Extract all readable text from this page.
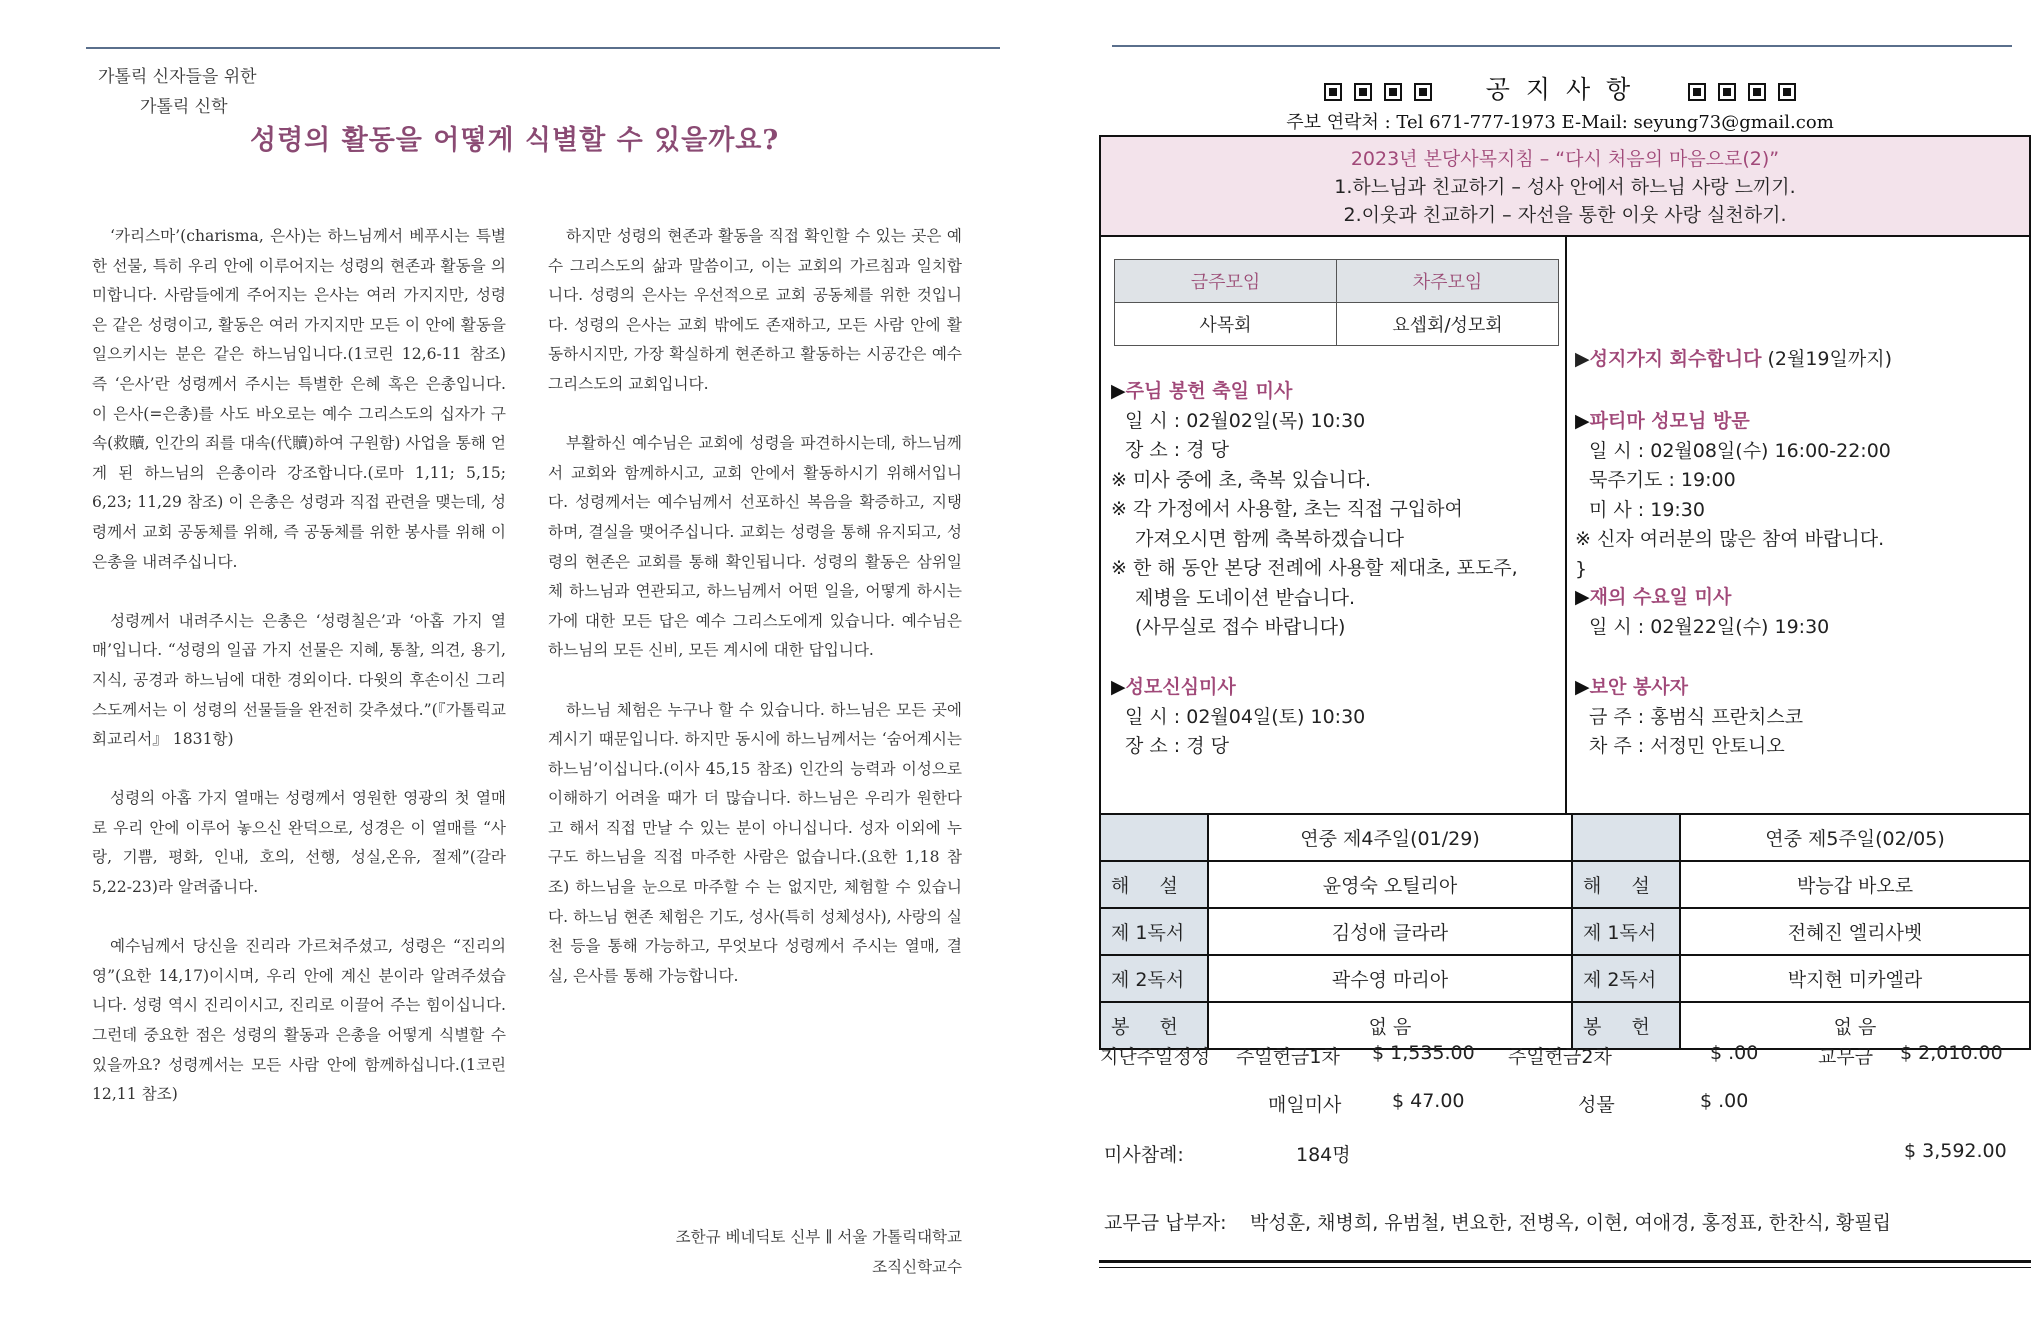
가톨릭 신자들을 위한
가톨릭 신학
성령의 활동을 어떻게 식별할 수 있을까요?

‘카리스마’(charisma, 은사)는 하느님께서 베푸시는 특별한 선물, 특히 우리 안에 이루어지는 성령의 현존과 활동을 의미합니다. 사람들에게 주어지는 은사는 여러 가지지만, 성령은 같은 성령이고, 활동은 여러 가지지만 모든 이 안에 활동을 일으키시는 분은 같은 하느님입니다.(1코린 12,6-11 참조) 즉 ‘은사’란 성령께서 주시는 특별한 은혜 혹은 은총입니다. 이 은사(=은총)를 사도 바오로는 예수 그리스도의 십자가 구속(救贖, 인간의 죄를 대속(代贖)하여 구원함) 사업을 통해 얻게 된 하느님의 은총이라 강조합니다.(로마 1,11; 5,15; 6,23; 11,29 참조) 이 은총은 성령과 직접 관련을 맺는데, 성령께서 교회 공동체를 위해, 즉 공동체를 위한 봉사를 위해 이 은총을 내려주십니다.

성령께서 내려주시는 은총은 ‘성령칠은’과 ‘아홉 가지 열매’입니다. “성령의 일곱 가지 선물은 지혜, 통찰, 의견, 용기, 지식, 공경과 하느님에 대한 경외이다. 다윗의 후손이신 그리스도께서는 이 성령의 선물들을 완전히 갖추셨다.”(『가톨릭교회교리서』 1831항)

성령의 아홉 가지 열매는 성령께서 영원한 영광의 첫 열매로 우리 안에 이루어 놓으신 완덕으로, 성경은 이 열매를 “사랑, 기쁨, 평화, 인내, 호의, 선행, 성실,온유, 절제”(갈라 5,22-23)라 알려줍니다.

예수님께서 당신을 진리라 가르쳐주셨고, 성령은 “진리의 영”(요한 14,17)이시며, 우리 안에 계신 분이라 알려주셨습니다. 성령 역시 진리이시고, 진리로 이끌어 주는 힘이십니다. 그런데 중요한 점은 성령의 활동과 은총을 어떻게 식별할 수 있을까요? 성령께서는 모든 사람 안에 함께하십니다.(1코린 12,11 참조)

하지만 성령의 현존과 활동을 직접 확인할 수 있는 곳은 예수 그리스도의 삶과 말씀이고, 이는 교회의 가르침과 일치합니다. 성령의 은사는 우선적으로 교회 공동체를 위한 것입니다. 성령의 은사는 교회 밖에도 존재하고, 모든 사람 안에 활동하시지만, 가장 확실하게 현존하고 활동하는 시공간은 예수 그리스도의 교회입니다.

부활하신 예수님은 교회에 성령을 파견하시는데, 하느님께서 교회와 함께하시고, 교회 안에서 활동하시기 위해서입니다. 성령께서는 예수님께서 선포하신 복음을 확증하고, 지탱하며, 결실을 맺어주십니다. 교회는 성령을 통해 유지되고, 성령의 현존은 교회를 통해 확인됩니다. 성령의 활동은 삼위일체 하느님과 연관되고, 하느님께서 어떤 일을, 어떻게 하시는가에 대한 모든 답은 예수 그리스도에게 있습니다. 예수님은 하느님의 모든 신비, 모든 계시에 대한 답입니다.

하느님 체험은 누구나 할 수 있습니다. 하느님은 모든 곳에 계시기 때문입니다. 하지만 동시에 하느님께서는 ‘숨어계시는 하느님’이십니다.(이사 45,15 참조) 인간의 능력과 이성으로 이해하기 어려울 때가 더 많습니다. 하느님은 우리가 원한다고 해서 직접 만날 수 있는 분이 아니십니다. 성자 이외에 누구도 하느님을 직접 마주한 사람은 없습니다.(요한 1,18 참조) 하느님을 눈으로 마주할 수 는 없지만, 체험할 수 있습니다. 하느님 현존 체험은 기도, 성사(특히 성체성사), 사랑의 실천 등을 통해 가능하고, 무엇보다 성령께서 주시는 열매, 결실, 은사를 통해 가능합니다.

조한규 베네딕토 신부 ∥ 서울 가톨릭대학교
조직신학교수
공 지 사 항
주보 연락처 : Tel 671-777-1973 E-Mail: seyung73@gmail.com
2023년 본당사목지침 – “다시 처음의 마음으로(2)”
1.하느님과 친교하기 – 성사 안에서 하느님 사랑 느끼기.
2.이웃과 친교하기 – 자선을 통한 이웃 사랑 실천하기.
금주모임	차주모임
사목회	요셉회/성모회
▶주님 봉헌 축일 미사
일 시 : 02월02일(목) 10:30
장 소 : 경 당
※ 미사 중에 초, 축복 있습니다.
※ 각 가정에서 사용할, 초는 직접 구입하여
가져오시면 함께 축복하겠습니다
※ 한 해 동안 본당 전례에 사용할 제대초, 포도주,
제병을 도네이션 받습니다.
(사무실로 접수 바랍니다)
▶성모신심미사
일 시 : 02월04일(토) 10:30
장 소 : 경 당
▶성지가지 회수합니다 (2월19일까지)
▶파티마 성모님 방문
일 시 : 02월08일(수) 16:00-22:00
묵주기도 : 19:00
미 사 : 19:30
※ 신자 여러분의 많은 참여 바랍니다.
}
▶재의 수요일 미사
일 시 : 02월22일(수) 19:30
▶보안 봉사자
금 주 : 홍범식 프란치스코
차 주 : 서정민 안토니오
	연중 제4주일(01/29)		연중 제5주일(02/05)
해     설	윤영숙 오틸리아	해     설	박능갑 바오로
제 1독서	김성애 글라라	제 1독서	전혜진 엘리사벳
제 2독서	곽수영 마리아	제 2독서	박지현 미카엘라
봉     헌	없 음	봉     헌	없 음
지난주일정성 주일헌금1차 $ 1,535.00 주일헌금2차	$ .00	교무금 $ 2,010.00
매일미사	$ 47.00	성물	$ .00
미사참례:	184명	$ 3,592.00
교무금 납부자: 박성훈, 채병희, 유범철, 변요한, 전병옥, 이현, 여애경, 홍정표, 한찬식, 황필립
